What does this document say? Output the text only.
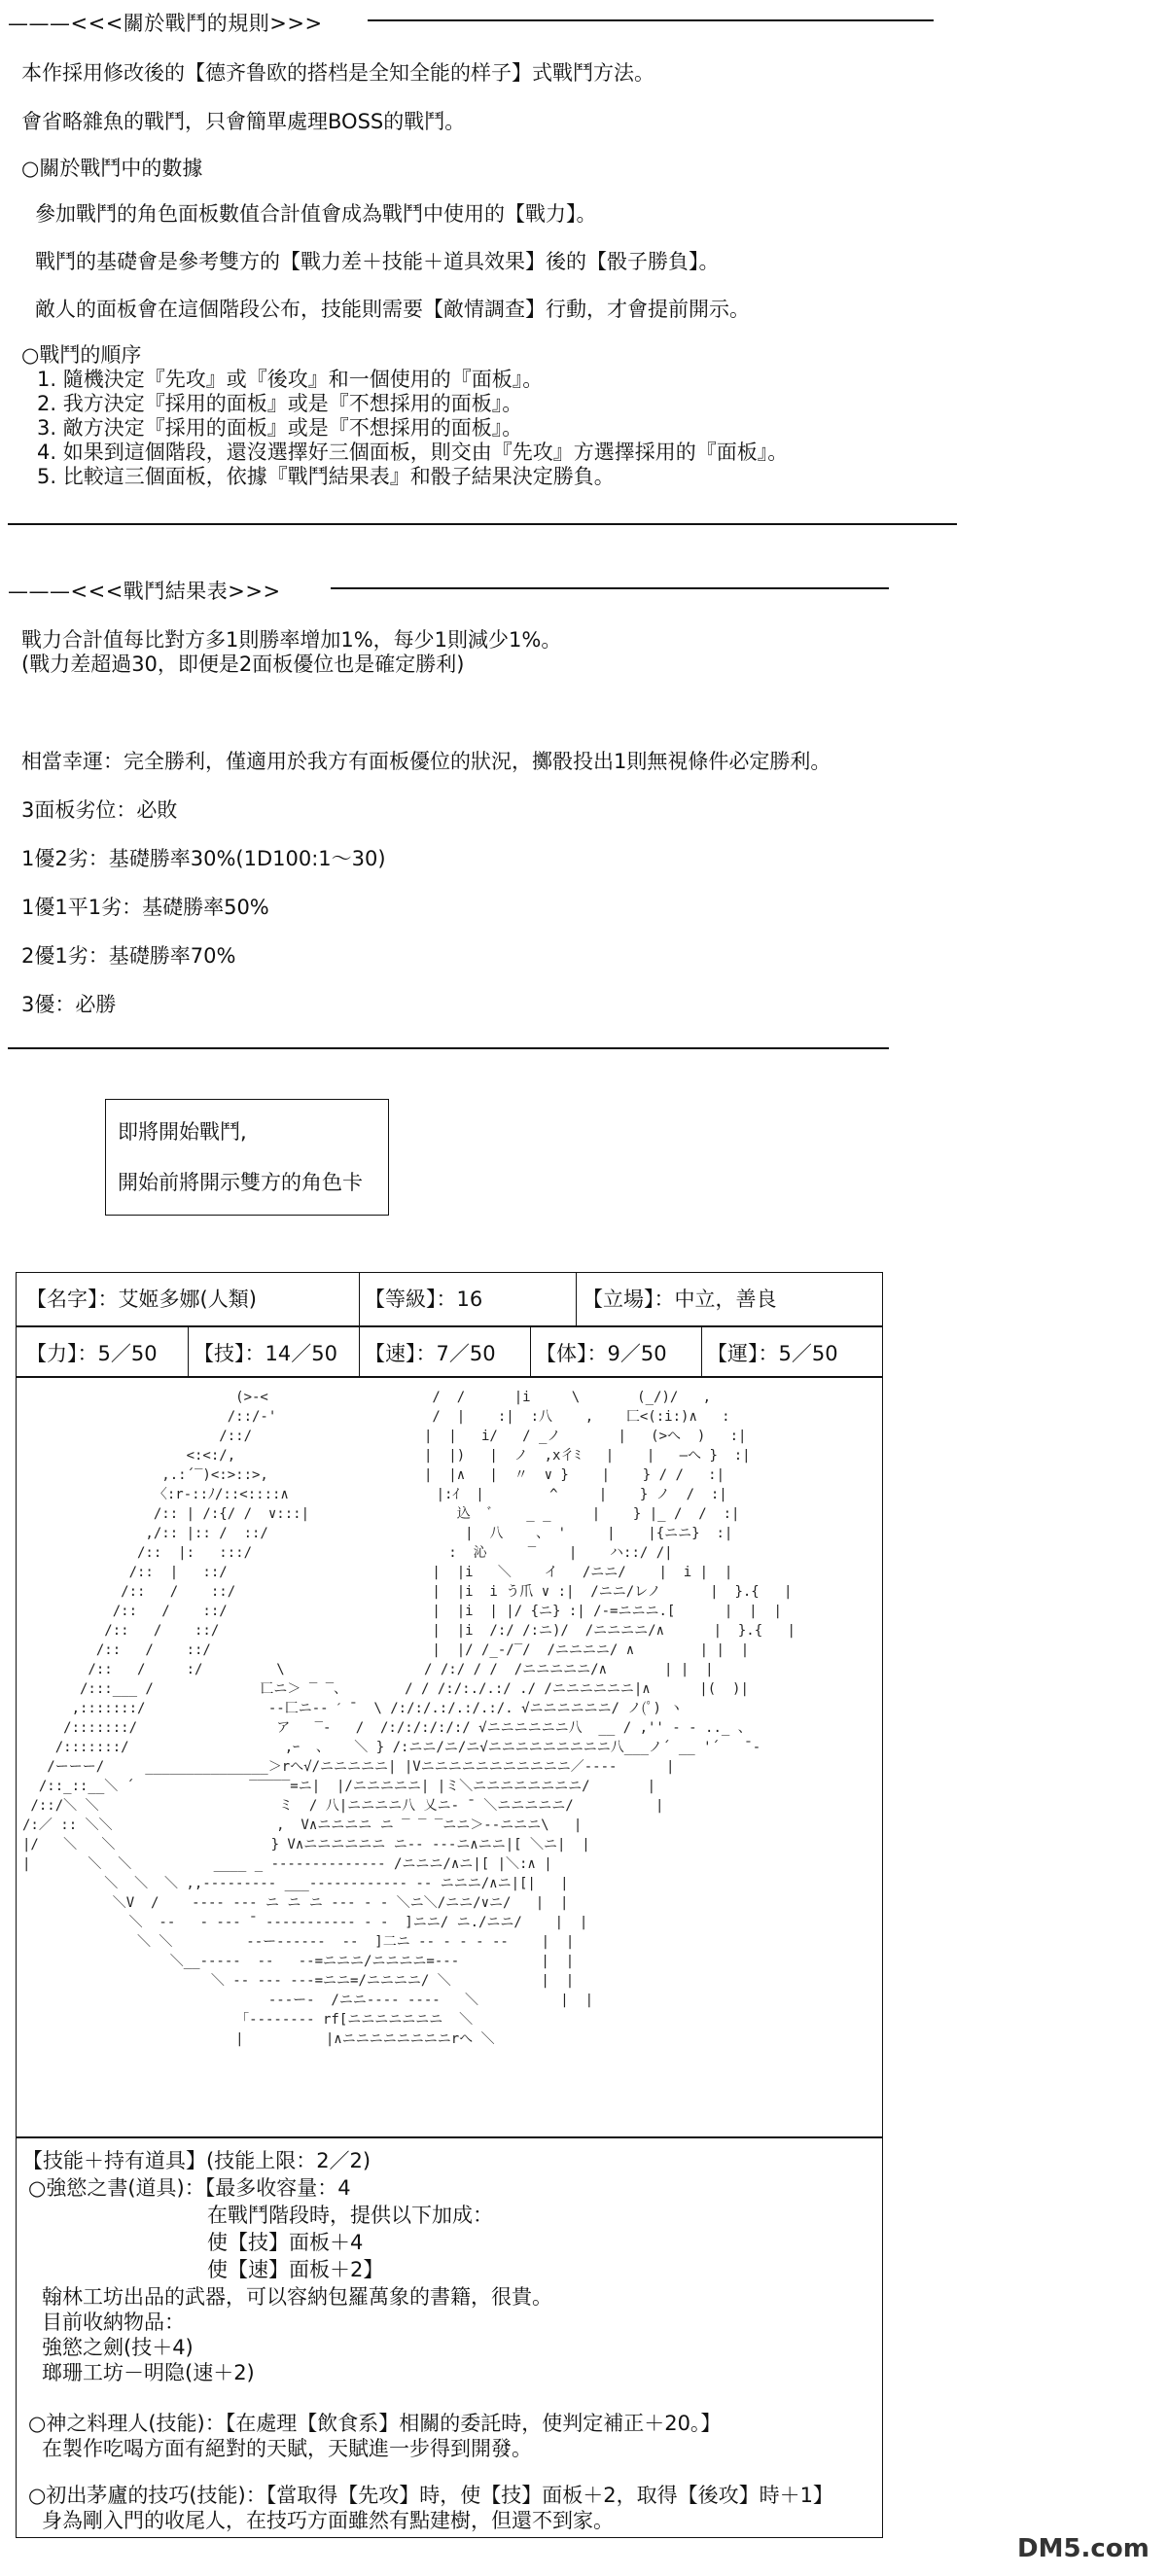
———<<<關於戰鬥的規則>>>
本作採用修改後的【德齐鲁欧的搭档是全知全能的样子】式戰鬥方法。
會省略雜魚的戰鬥，只會簡單處理BOSS的戰鬥。
○關於戰鬥中的數據
參加戰鬥的角色面板數值合計值會成為戰鬥中使用的【戰力】。
戰鬥的基礎會是參考雙方的【戰力差＋技能＋道具效果】後的【骰子勝負】。
敵人的面板會在這個階段公布，技能則需要【敵情調查】行動，才會提前開示。
○戰鬥的順序
1. 隨機決定『先攻』或『後攻』和一個使用的『面板』。
2. 我方決定『採用的面板』或是『不想採用的面板』。
3. 敵方決定『採用的面板』或是『不想採用的面板』。
4. 如果到這個階段，還沒選擇好三個面板，則交由『先攻』方選擇採用的『面板』。
5. 比較這三個面板，依據『戰鬥結果表』和骰子結果決定勝負。
———<<<戰鬥結果表>>>
戰力合計值每比對方多1則勝率增加1%，每少1則減少1%。
(戰力差超過30，即便是2面板優位也是確定勝利)
相當幸運：完全勝利，僅適用於我方有面板優位的狀況，擲骰投出1則無視條件必定勝利。
3面板劣位：必敗
1優2劣：基礎勝率30%(1D100:1～30)
1優1平1劣：基礎勝率50%
2優1劣：基礎勝率70%
3優：必勝
即將開始戰鬥,
開始前將開示雙方的角色卡
【名字】：艾姬多娜(人類)	【等級】：16	【立場】：中立，善良
【力】：5／50 【技】：14／50 【速】：7／50 【体】：9／50 【運】：5／50
(>-<                    /  /      |i     \       (_/)/   ,
/::/-'                   /  |    :|  :八    ,    匚<(:i:)∧   :
/::/                     |  |   i/   / _ノ       |   (>へ  )   :|
<:<:/,                       |  |)   |  ノ  ,x彳ﾐ   |    |   ―へ }  :|
,.:´‾)<:>::>,                   |  |∧   |  〃  ∨ }    |    } / /   :|
〈:r‐::ﾉ/::<::::∧                  |:ｲ  |        ^     |    } ノ  /  :|
/:: | /:{/ /  ∨:::|                  込  ﾞ    _ _     |    } |_ /  /  :|
,/:: |:: /  ::/                        |  八    、 '     |    |{ニニ}  :|
/::  |:   :::/                        :  沁     ‾    |    ハ::/ /|
/::  |   ::/                         |  |i   ＼    イ   /ニニ/    |  i |  |
/::   /    ::/                        |  |i  i う爪 ∨ :|  /ニニ/レノ      |  }.{   |
/::   /    ::/                         |  |i  | |/ {ニ} :| /‐=ニニニ.[      |  |  |
/::   /    ::/                          |  |i  /:/ /:ニ)/  /ニニニニ/∧      |  }.{   |
/::   /    ::/                           |  |/ /_‐/‾/  /ニニニニ/ ∧        | |  |
/::   /     :/         \                 / /:/ / /  /ニニニニニ/∧       | |  |
/:::___ /             匸ニ＞ ‾ ‾、       / / /:/:./.:/ ./ /ニニニニニニ|∧      |(  )|
,:::::::/               ‐‐匚ニ‐‐ ˊ ˉ  \ /:/:/.:/.:/.:/. √ニニニニニニ/ ノ(ﾟ) ヽ
/:::::::/                 ア   ‾‐   /  /:/:/:/:/:/ √ニニニニニニ八  __ / ,'' - ‐ .._ 、
/:::::::/                   ,ｰ  、   ＼ } /:ニニ/ニ/ニ√ニニニニニニニニニ八___ノ´ __ '´   ¯‐
/ーーー/     _______________＞rへ√/ニニニニニ| |Vニニニニニニニニニニニ／‐‐‐‐      |
/::_::__＼ ´              ‾‾‾‾‾=ニ|  |/ニニニニニ| |ミ＼ニニニニニニニニ/       |
/::/＼ ＼                      ミ  / 八|ニニニニ八 乂ニ‐ ¯ ＼ニニニニニ/          |
/:／ :: ＼＼                    ,  V∧ニニニニ ニ ‾ ‾ ‾ニニ＞‐‐ニニニ\   |
|/   ＼   ＼                   } V∧ニニニニニニ ニ‐‐ ‐‐‐ニ∧ニニ|[ ＼ニ|  |
|       ＼  ＼          ____ _ ‐‐‐‐‐‐‐‐‐‐‐‐‐‐ /ニニニ/∧ニ|[ |＼:∧ |
＼  ＼  ＼ ,,--‐‐‐‐‐‐‐ ___‐‐‐‐‐‐‐‐‐‐‐‐ ‐‐ ニニニ/∧ニ|[|   |
＼V  /    ‐‐‐‐ ‐‐‐ ニ ニ ニ ‐‐‐ ‐ ‐ ＼ニ＼/ニニ/∨ニ/   |  |
＼  ‐‐   ‐ ‐‐‐ ¯ ‐‐‐‐‐‐‐‐‐‐‐ ‐ ‐  ]ニニ/ ニ./ニニ/    |  |
＼ ＼         ‐‐ー‐‐‐‐‐‐  ‐‐  ]二ニ ‐‐ ‐ ‐ ‐ ‐‐    |  |
＼__‐‐‐‐‐  ‐‐   ‐‐=ニニニ/ニニニニ=‐‐‐          |  |
＼ ‐‐ ‐‐‐ ‐‐‐=ニニ=/ニニニニ/ ＼           |  |
‐‐‐ー‐  /ニニ‐‐‐‐ ‐‐‐‐   ＼          |  |
「‐‐‐‐‐‐‐‐ rf[ニニニニニニニ  ＼
|          |∧ニニニニニニニニrへ ＼
【技能＋持有道具】(技能上限：2／2)
○強慾之書(道具)：【最多收容量：4
在戰鬥階段時，提供以下加成：
使【技】面板＋4
使【速】面板＋2】
翰林工坊出品的武器，可以容納包羅萬象的書籍，很貴。
目前收納物品：
強慾之劍(技＋4)
瑯珊工坊－明隐(速＋2)
○神之料理人(技能)：【在處理【飲食系】相關的委託時，使判定補正＋20。】
在製作吃喝方面有絕對的天賦，天賦進一步得到開發。
○初出茅廬的技巧(技能)：【當取得【先攻】時，使【技】面板＋2，取得【後攻】時＋1】
身為剛入門的收尾人，在技巧方面雖然有點建樹，但還不到家。
DM5.com
